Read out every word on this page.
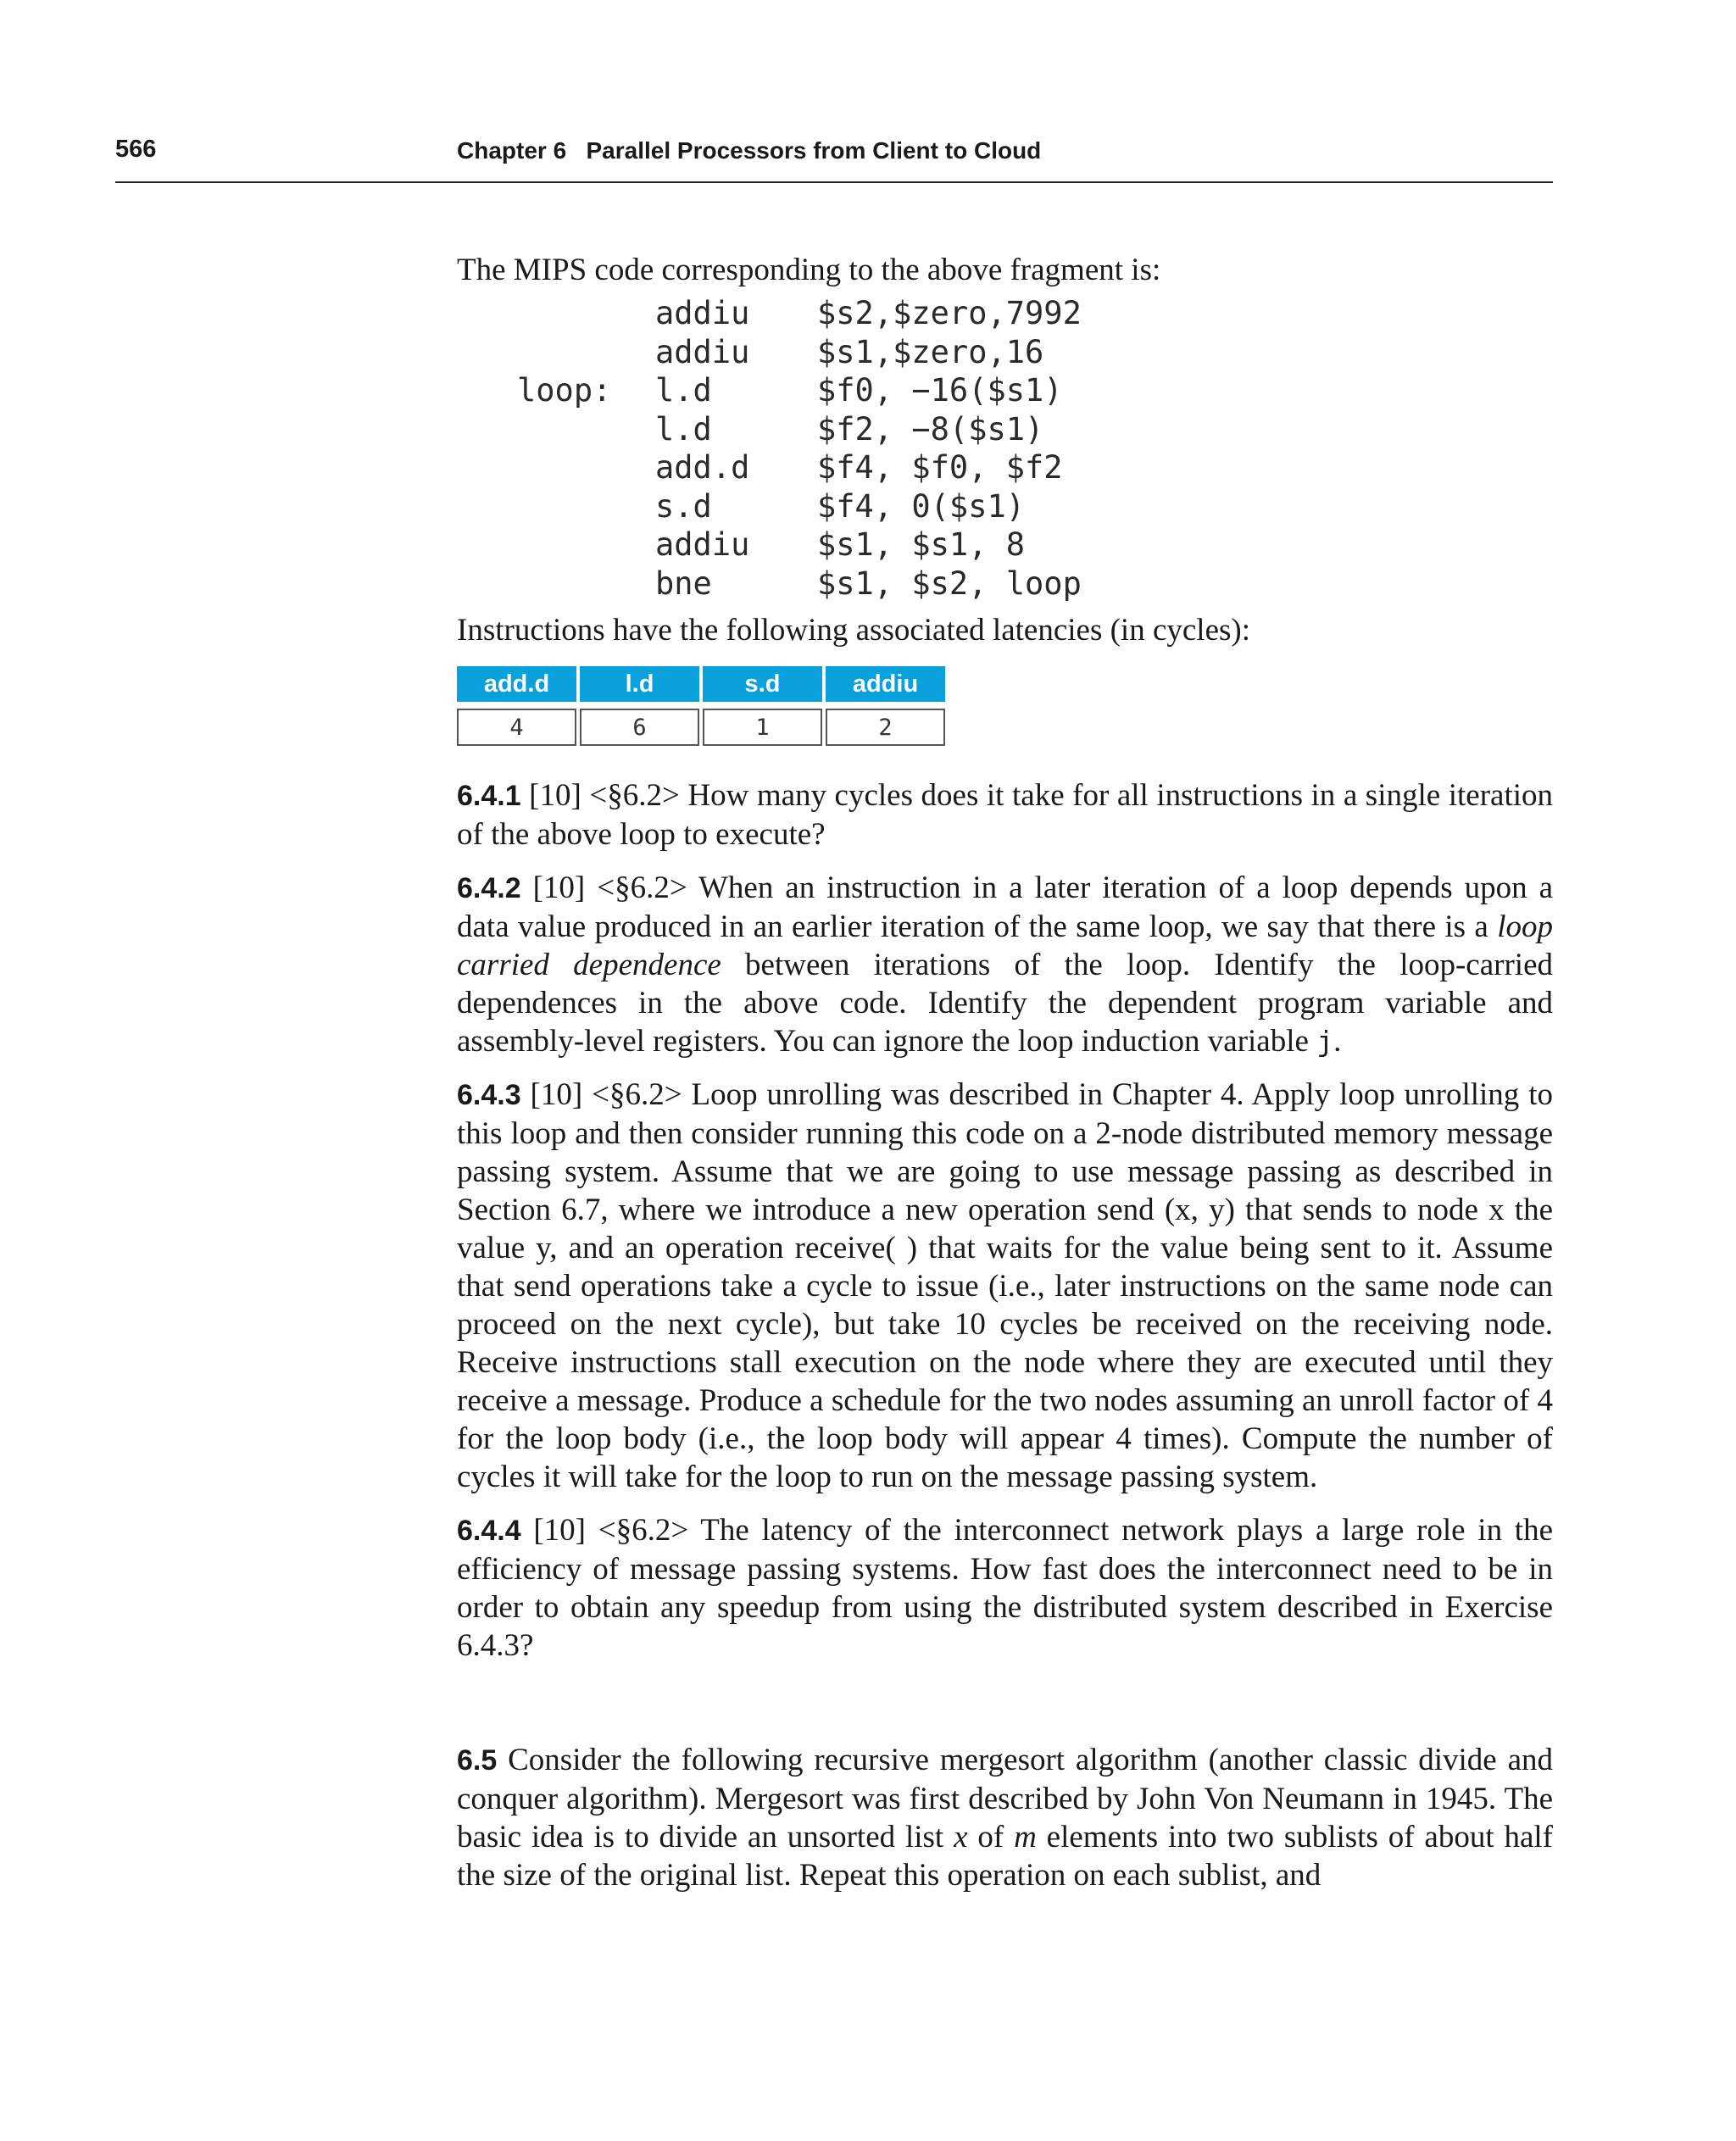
566	Chapter 6   Parallel Processors from Client to Cloud

The MIPS code corresponding to the above fragment is:

addiu	$s2,$zero,7992
addiu	$s1,$zero,16
loop:	l.d	$f0, −16($s1)
l.d	$f2, −8($s1)
add.d	$f4, $f0, $f2
s.d	$f4, 0($s1)
addiu	$s1, $s1, 8
bne	$s1, $s2, loop

Instructions have the following associated latencies (in cycles):

add.d	l.d	s.d	addiu
4	6	1	2

6.4.1 [10] <§6.2> How many cycles does it take for all instructions in a single iteration of the above loop to execute?

6.4.2 [10] <§6.2> When an instruction in a later iteration of a loop depends upon a data value produced in an earlier iteration of the same loop, we say that there is a loop carried dependence between iterations of the loop. Identify the loop-carried dependences in the above code. Identify the dependent program variable and assembly-level registers. You can ignore the loop induction variable j.

6.4.3 [10] <§6.2> Loop unrolling was described in Chapter 4. Apply loop unrolling to this loop and then consider running this code on a 2-node distributed memory message passing system. Assume that we are going to use message passing as described in Section 6.7, where we introduce a new operation send (x, y) that sends to node x the value y, and an operation receive( ) that waits for the value being sent to it. Assume that send operations take a cycle to issue (i.e., later instructions on the same node can proceed on the next cycle), but take 10 cycles be received on the receiving node. Receive instructions stall execution on the node where they are executed until they receive a message. Produce a schedule for the two nodes assuming an unroll factor of 4 for the loop body (i.e., the loop body will appear 4 times). Compute the number of cycles it will take for the loop to run on the message passing system.

6.4.4 [10] <§6.2> The latency of the interconnect network plays a large role in the efficiency of message passing systems. How fast does the interconnect need to be in order to obtain any speedup from using the distributed system described in Exercise 6.4.3?

6.5 Consider the following recursive mergesort algorithm (another classic divide and conquer algorithm). Mergesort was first described by John Von Neumann in 1945. The basic idea is to divide an unsorted list x of m elements into two sublists of about half the size of the original list. Repeat this operation on each sublist, and
